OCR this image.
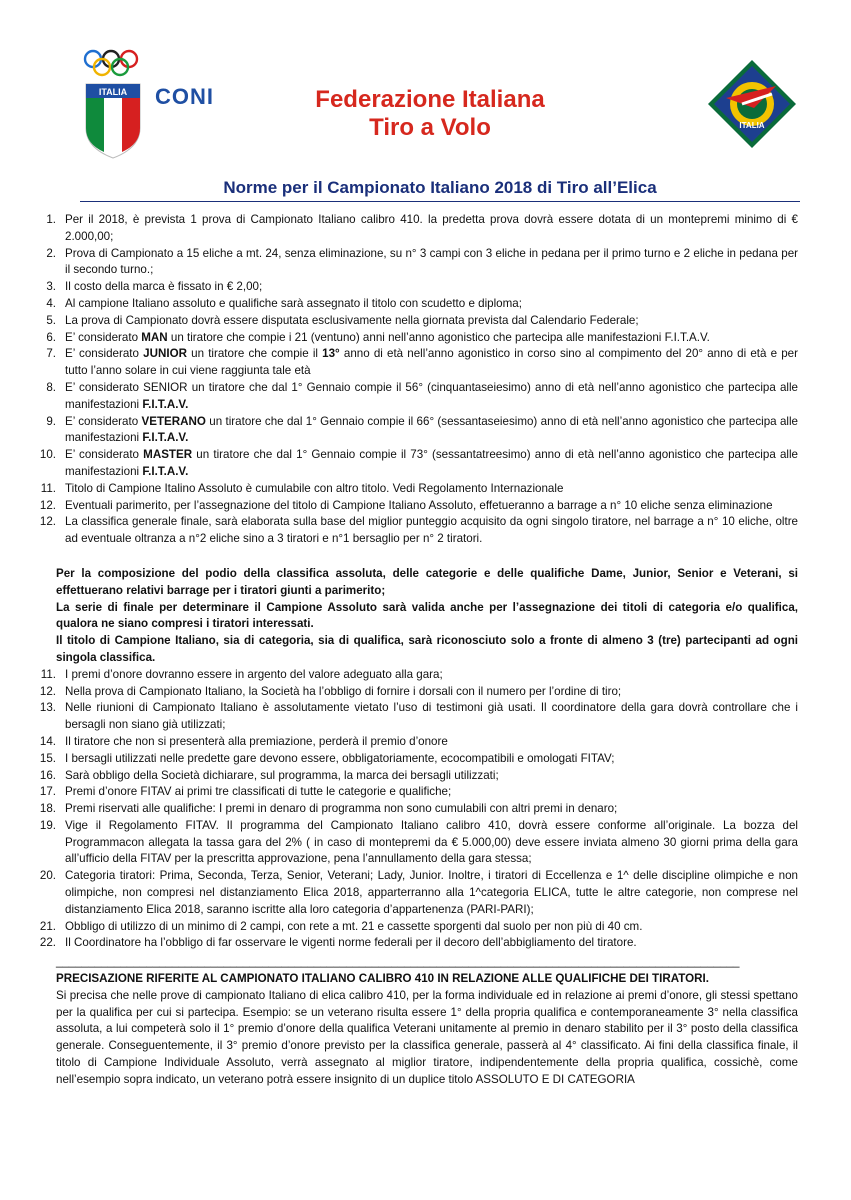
ITALIA CONI	Federazione Italiana
Tiro a Volo	ITALIA
Norme per il Campionato Italiano 2018 di Tiro all’Elica
1. Per il 2018, è prevista 1 prova di Campionato Italiano calibro 410. la predetta prova dovrà essere dotata di un montepremi minimo di € 2.000,00;
2. Prova di Campionato a 15 eliche a mt. 24, senza eliminazione, su n° 3 campi con 3 eliche in pedana per il primo turno e 2 eliche in pedana per il secondo turno.;
3. Il costo della marca è fissato in € 2,00;
4. Al campione Italiano assoluto e qualifiche sarà assegnato il titolo con scudetto e diploma;
5. La prova di Campionato dovrà essere disputata esclusivamente nella giornata prevista dal Calendario Federale;
6. E’ considerato MAN un tiratore che compie i 21 (ventuno) anni nell’anno agonistico che partecipa alle manifestazioni F.I.T.A.V.
7. E’ considerato JUNIOR un tiratore che compie il 13° anno di età nell’anno agonistico in corso sino al compimento del 20° anno di età e per tutto l’anno solare in cui viene raggiunta tale età
8. E’ considerato SENIOR un tiratore che dal 1° Gennaio compie il 56° (cinquantaseiesimo) anno di età nell’anno agonistico che partecipa alle manifestazioni F.I.T.A.V.
9. E’ considerato VETERANO un tiratore che dal 1° Gennaio compie il 66° (sessantaseiesimo) anno di età nell’anno agonistico che partecipa alle manifestazioni F.I.T.A.V.
10. E’ considerato MASTER un tiratore che dal 1° Gennaio compie il 73° (sessantatreesimo) anno di età nell’anno agonistico che partecipa alle manifestazioni F.I.T.A.V.
11. Titolo di Campione Italino Assoluto è cumulabile con altro titolo. Vedi Regolamento Internazionale
12. Eventuali parimerito, per l’assegnazione del titolo di Campione Italiano Assoluto, effetueranno a barrage a n° 10 eliche senza eliminazione
12. La classifica generale finale, sarà elaborata sulla base del miglior punteggio acquisito da ogni singolo tiratore, nel barrage a n° 10 eliche, oltre ad eventuale oltranza a n°2 eliche sino a 3 tiratori e n°1 bersaglio per n° 2 tiratori.
Per la composizione del podio della classifica assoluta, delle categorie e delle qualifiche Dame, Junior, Senior e Veterani, si effettuerano relativi barrage per i tiratori giunti a parimerito;
La serie di finale per determinare il Campione Assoluto sarà valida anche per l’assegnazione dei titoli di categoria e/o qualifica, qualora ne siano compresi i tiratori interessati.
Il titolo di Campione Italiano, sia di categoria, sia di qualifica, sarà riconosciuto solo a fronte di almeno 3 (tre) partecipanti ad ogni singola classifica.
11. I premi d’onore dovranno essere in argento del valore adeguato alla gara;
12. Nella prova di Campionato Italiano, la Società ha l’obbligo di fornire i dorsali con il numero per l’ordine di tiro;
13. Nelle riunioni di Campionato Italiano è assolutamente vietato l’uso di testimoni già usati. Il coordinatore della gara dovrà controllare che i bersagli non siano già utilizzati;
14. Il tiratore che non si presenterà alla premiazione, perderà il premio d’onore
15. I bersagli utilizzati nelle predette gare devono essere, obbligatoriamente, ecocompatibili e omologati FITAV;
16. Sarà obbligo della Società dichiarare, sul programma, la marca dei bersagli utilizzati;
17. Premi d’onore FITAV ai primi tre classificati di tutte le categorie e qualifiche;
18. Premi riservati alle qualifiche: I premi in denaro di programma non sono cumulabili con altri premi in denaro;
19. Vige il Regolamento FITAV. Il programma del Campionato Italiano calibro 410, dovrà essere conforme all’originale. La bozza del Programmacon allegata la tassa gara del 2% ( in caso di montepremi da € 5.000,00) deve essere inviata almeno 30 giorni prima della gara all’ufficio della FITAV per la prescritta approvazione, pena l’annullamento della gara stessa;
20. Categoria tiratori: Prima, Seconda, Terza, Senior, Veterani; Lady, Junior. Inoltre, i tiratori di Eccellenza e 1^ delle discipline olimpiche e non olimpiche, non compresi nel distanziamento Elica 2018, apparterranno alla 1^categoria ELICA, tutte le altre categorie, non comprese nel distanziamento Elica 2018, saranno iscritte alla loro categoria d’appartenenza (PARI-PARI);
21. Obbligo di utilizzo di un minimo di 2 campi, con rete a mt. 21 e cassette sporgenti dal suolo per non più di 40 cm.
22. Il Coordinatore ha l’obbligo di far osservare le vigenti norme federali per il decoro dell’abbigliamento del tiratore.
__________________________________________________________________________________________________________
PRECISAZIONE RIFERITE AL CAMPIONATO ITALIANO CALIBRO 410 IN RELAZIONE ALLE QUALIFICHE DEI TIRATORI.
Si precisa che nelle prove di campionato Italiano di elica calibro 410, per la forma individuale ed in relazione ai premi d’onore, gli stessi spettano per la qualifica per cui si partecipa. Esempio: se un veterano risulta essere 1° della propria qualifica e contemporaneamente 3° nella classifica assoluta, a lui competerà solo il 1° premio d’onore della qualifica Veterani unitamente al premio in denaro stabilito per il 3° posto della classifica generale. Conseguentemente, il 3° premio d’onore previsto per la classifica generale, passerà al 4° classificato. Ai fini della classifica finale, il titolo di Campione Individuale Assoluto, verrà assegnato al miglior tiratore, indipendentemente della propria qualifica, cossichè, come nell’esempio sopra indicato, un veterano potrà essere insignito di un duplice titolo ASSOLUTO E DI CATEGORIA
